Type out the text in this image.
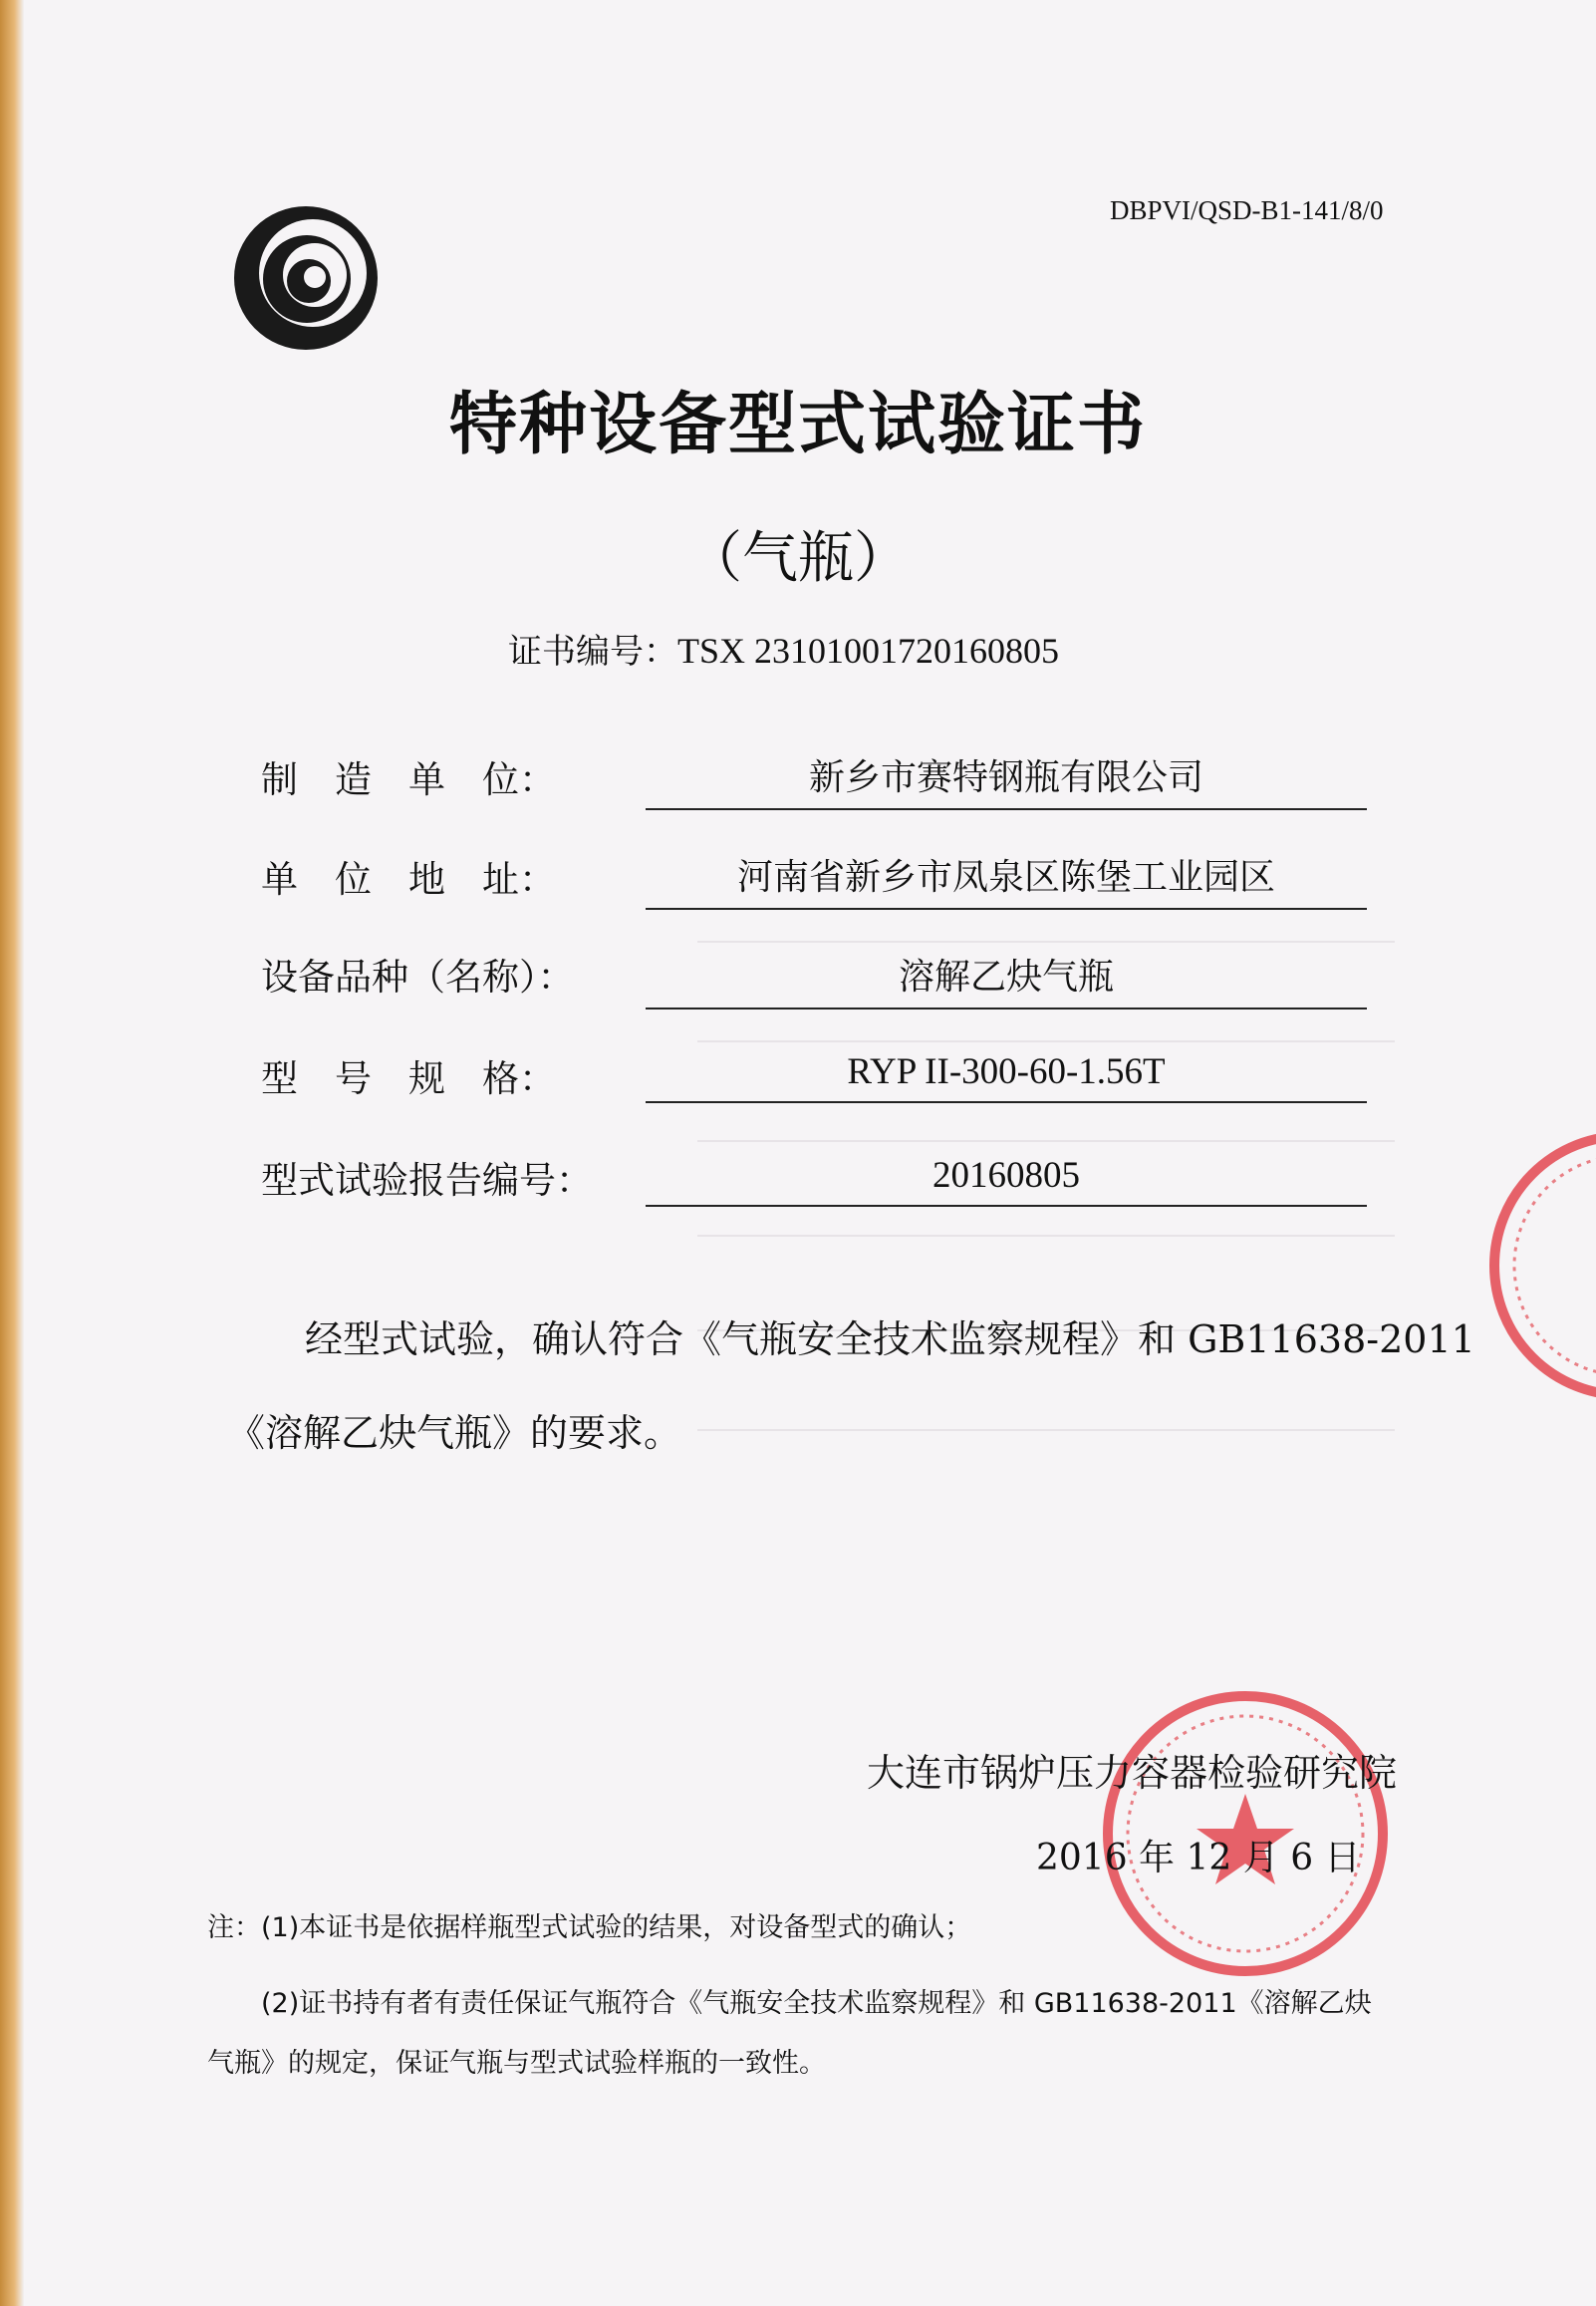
DBPVI/QSD-B1-141/8/0
特种设备型式试验证书
（气瓶）
证书编号：TSX 23101001720160805
制　造　单　位：	新乡市赛特钢瓶有限公司
单　位　地　址：	河南省新乡市凤泉区陈堡工业园区
设备品种（名称）：	溶解乙炔气瓶
型　号　规　格：	RYP II-300-60-1.56T
型式试验报告编号：	20160805
经型式试验，确认符合《气瓶安全技术监察规程》和 GB11638-2011
《溶解乙炔气瓶》的要求。
大连市锅炉压力容器检验研究院
2016 年 12 月 6 日
注：(1)本证书是依据样瓶型式试验的结果，对设备型式的确认；
(2)证书持有者有责任保证气瓶符合《气瓶安全技术监察规程》和 GB11638-2011《溶解乙炔
气瓶》的规定，保证气瓶与型式试验样瓶的一致性。
